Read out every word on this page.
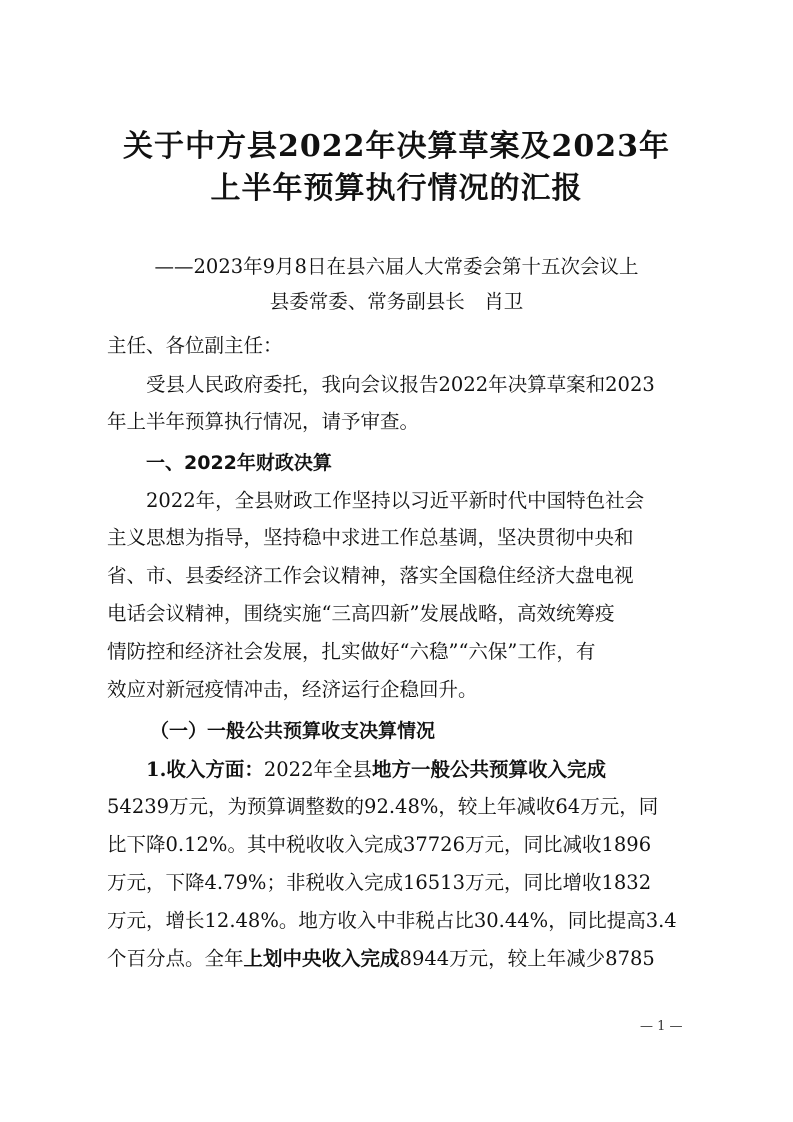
关于中方县2022年决算草案及2023年
上半年预算执行情况的汇报
——2023年9月8日在县六届人大常委会第十五次会议上
县委常委、常务副县长　肖卫
主任、各位副主任：
受县人民政府委托，我向会议报告2022年决算草案和2023
年上半年预算执行情况，请予审查。
一、2022年财政决算
2022年，全县财政工作坚持以习近平新时代中国特色社会
主义思想为指导，坚持稳中求进工作总基调，坚决贯彻中央和
省、市、县委经济工作会议精神，落实全国稳住经济大盘电视
电话会议精神，围绕实施“三高四新”发展战略，高效统筹疫
情防控和经济社会发展，扎实做好“六稳”“六保”工作，有
效应对新冠疫情冲击，经济运行企稳回升。
（一）一般公共预算收支决算情况
1.收入方面：2022年全县地方一般公共预算收入完成
54239万元，为预算调整数的92.48%，较上年减收64万元，同
比下降0.12%。其中税收收入完成37726万元，同比减收1896
万元，下降4.79%；非税收入完成16513万元，同比增收1832
万元，增长12.48%。地方收入中非税占比30.44%，同比提高3.4
个百分点。全年上划中央收入完成8944万元，较上年减少8785
— 1 —
